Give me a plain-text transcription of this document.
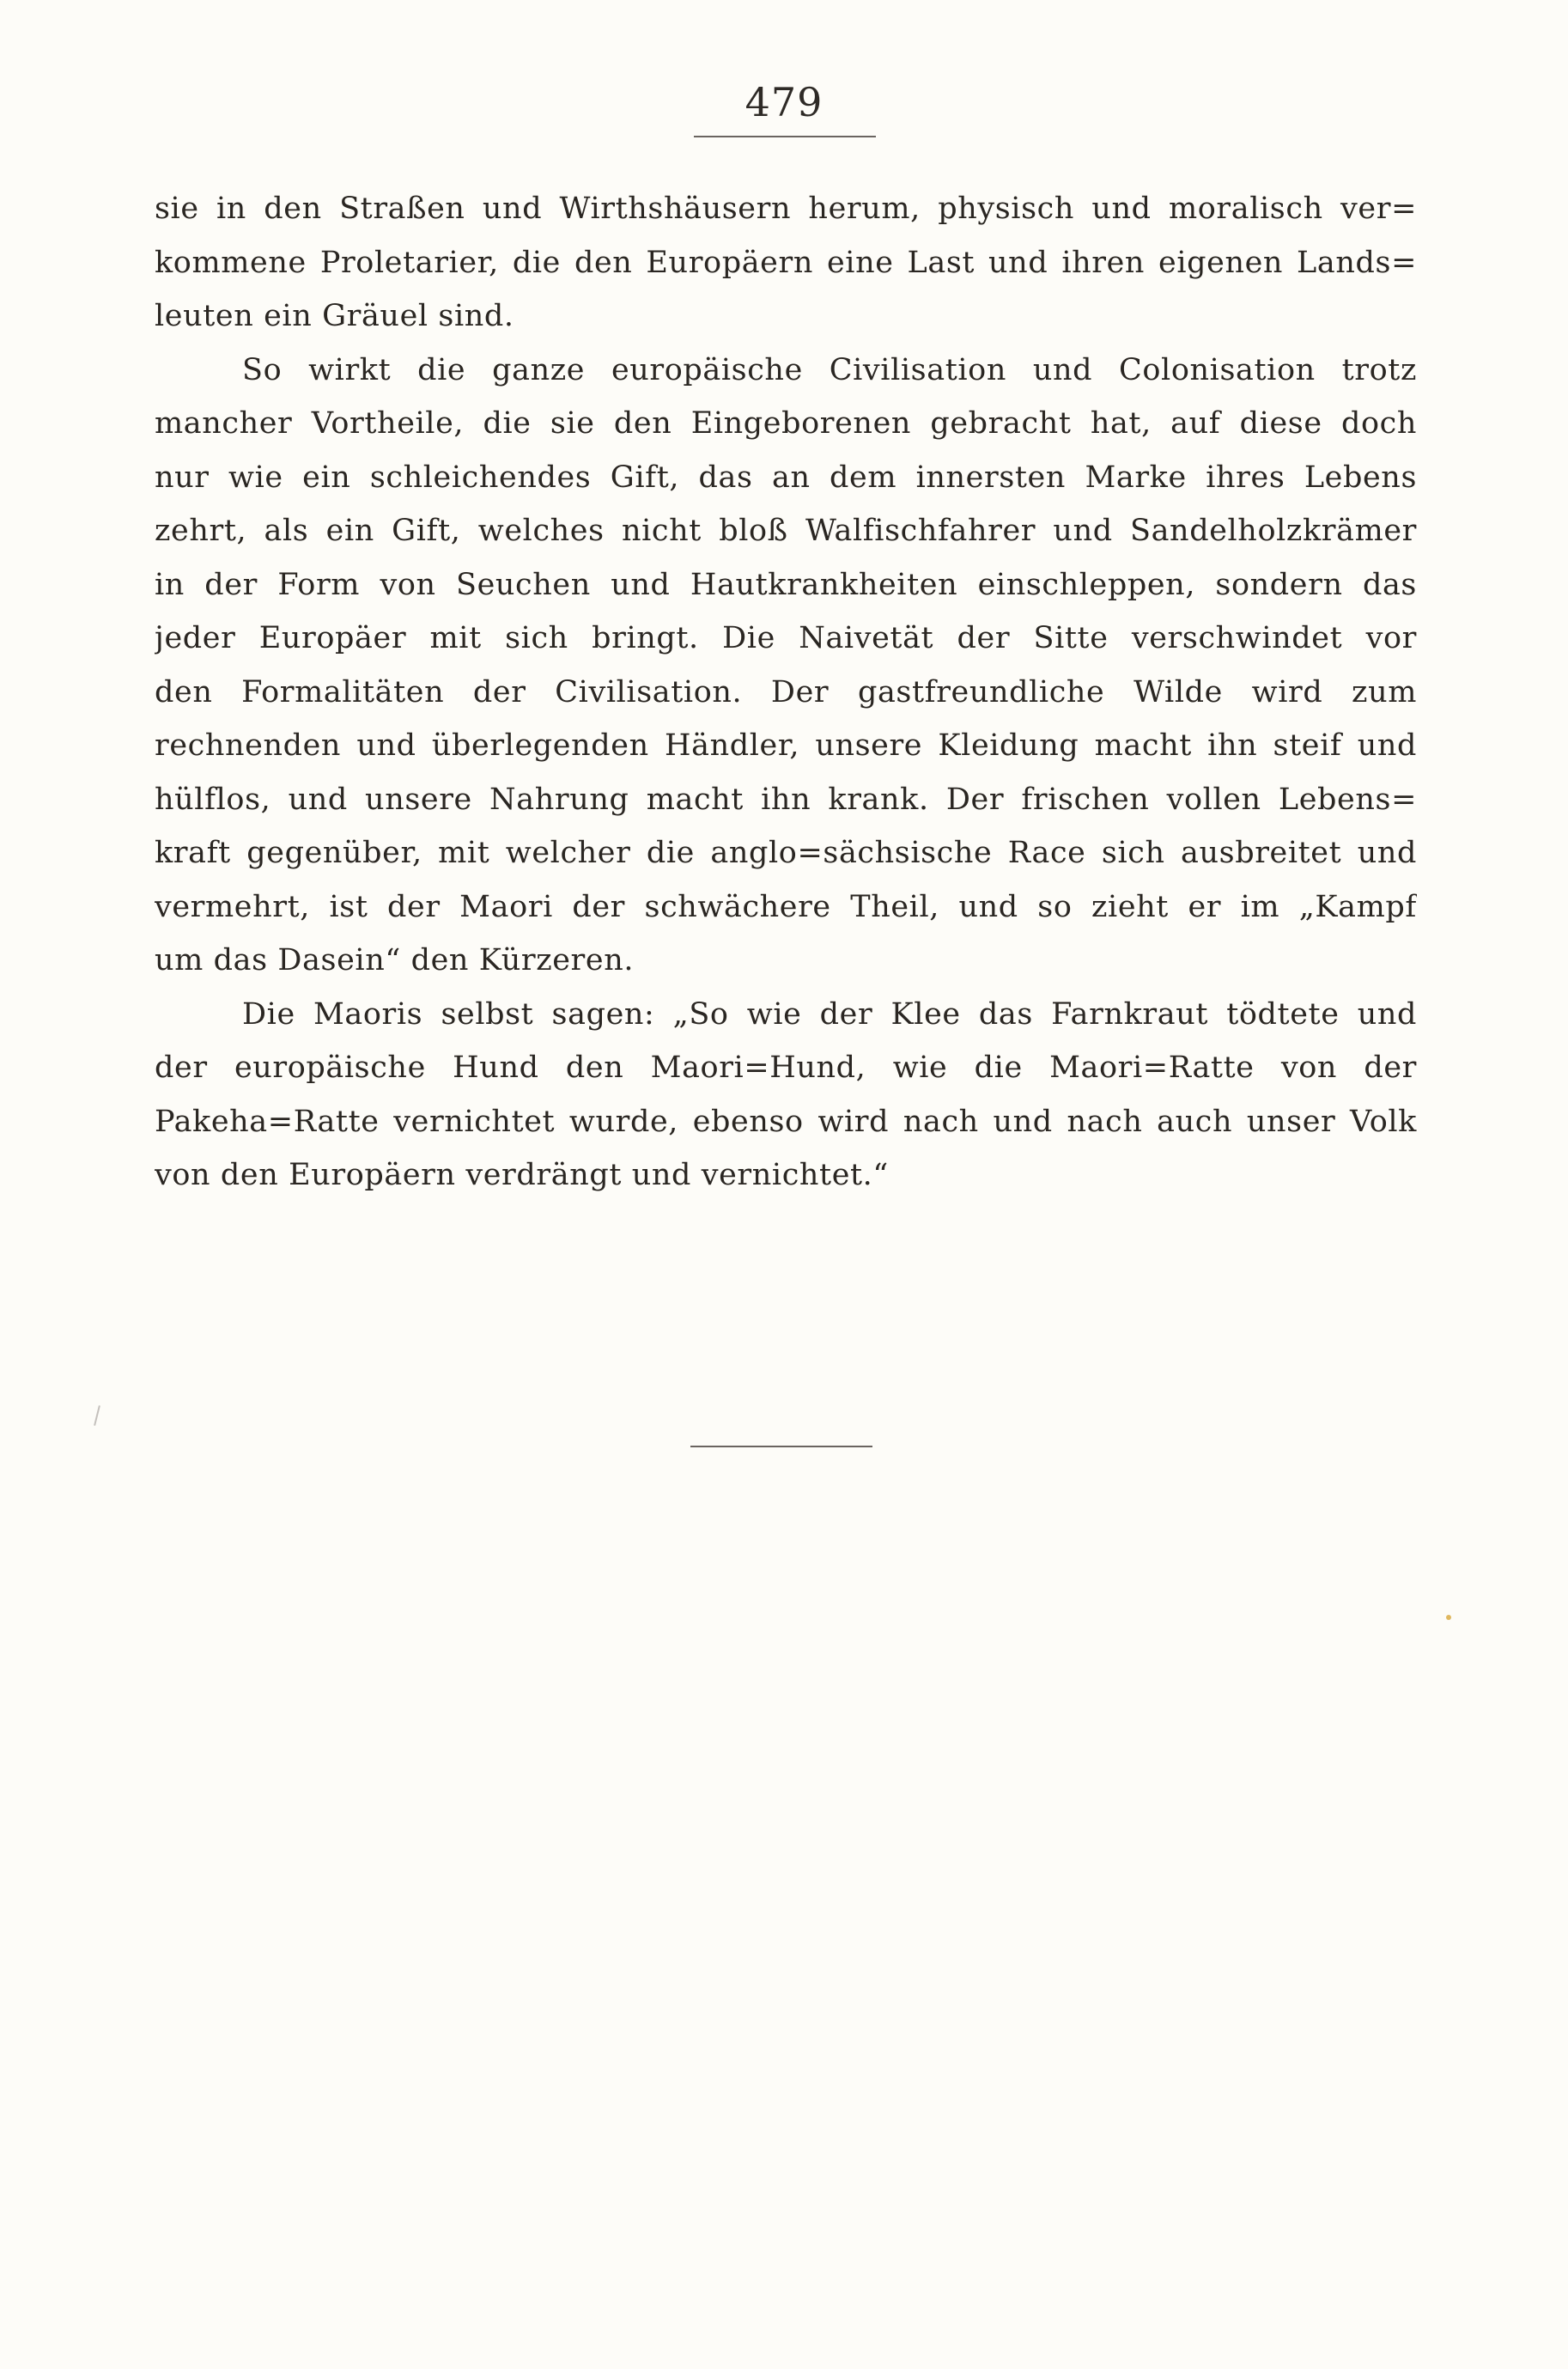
479
sie in den Straßen und Wirthshäusern herum, physisch und moralisch ver=
kommene Proletarier, die den Europäern eine Last und ihren eigenen Lands=
leuten ein Gräuel sind.
So wirkt die ganze europäische Civilisation und Colonisation trotz
mancher Vortheile, die sie den Eingeborenen gebracht hat, auf diese doch
nur wie ein schleichendes Gift, das an dem innersten Marke ihres Lebens
zehrt, als ein Gift, welches nicht bloß Walfischfahrer und Sandelholzkrämer
in der Form von Seuchen und Hautkrankheiten einschleppen, sondern das
jeder Europäer mit sich bringt. Die Naivetät der Sitte verschwindet vor
den Formalitäten der Civilisation. Der gastfreundliche Wilde wird zum
rechnenden und überlegenden Händler, unsere Kleidung macht ihn steif und
hülflos, und unsere Nahrung macht ihn krank. Der frischen vollen Lebens=
kraft gegenüber, mit welcher die anglo=sächsische Race sich ausbreitet und
vermehrt, ist der Maori der schwächere Theil, und so zieht er im „Kampf
um das Dasein“ den Kürzeren.
Die Maoris selbst sagen: „So wie der Klee das Farnkraut tödtete und
der europäische Hund den Maori=Hund, wie die Maori=Ratte von der
Pakeha=Ratte vernichtet wurde, ebenso wird nach und nach auch unser Volk
von den Europäern verdrängt und vernichtet.“
